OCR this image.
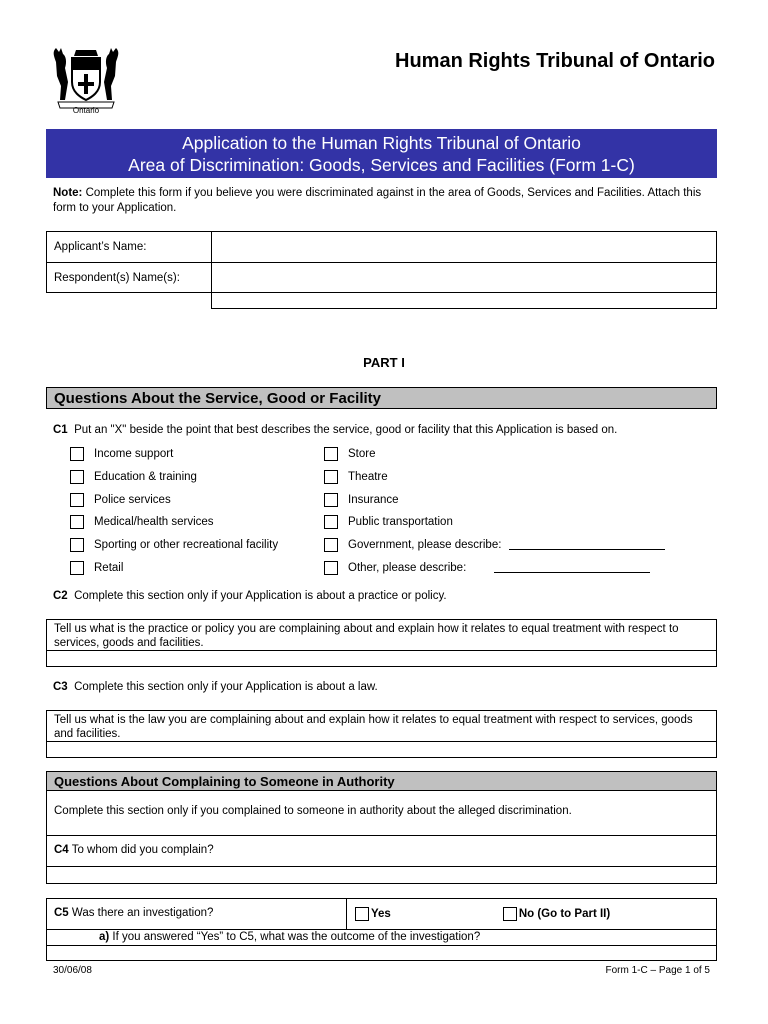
Ontario
Human Rights Tribunal of Ontario
Application to the Human Rights Tribunal of Ontario
Area of Discrimination: Goods, Services and Facilities (Form 1-C)
Note: Complete this form if you believe you were discriminated against in the area of Goods, Services and Facilities. Attach this form to your Application.
Applicant’s Name:
Respondent(s) Name(s):
PART I
Questions About the Service, Good or Facility
C1 Put an "X" beside the point that best describes the service, good or facility that this Application is based on.
Income support
Education & training
Police services
Medical/health services
Sporting or other recreational facility
Retail
Store
Theatre
Insurance
Public transportation
Government, please describe:
Other, please describe:
C2 Complete this section only if your Application is about a practice or policy.
Tell us what is the practice or policy you are complaining about and explain how it relates to equal treatment with respect to services, goods and facilities.
C3 Complete this section only if your Application is about a law.
Tell us what is the law you are complaining about and explain how it relates to equal treatment with respect to services, goods and facilities.
Questions About Complaining to Someone in Authority
Complete this section only if you complained to someone in authority about the alleged discrimination.
C4 To whom did you complain?
C5 Was there an investigation?	Yes	No (Go to Part II)
a) If you answered “Yes” to C5, what was the outcome of the investigation?
30/06/08	Form 1-C – Page 1 of 5
